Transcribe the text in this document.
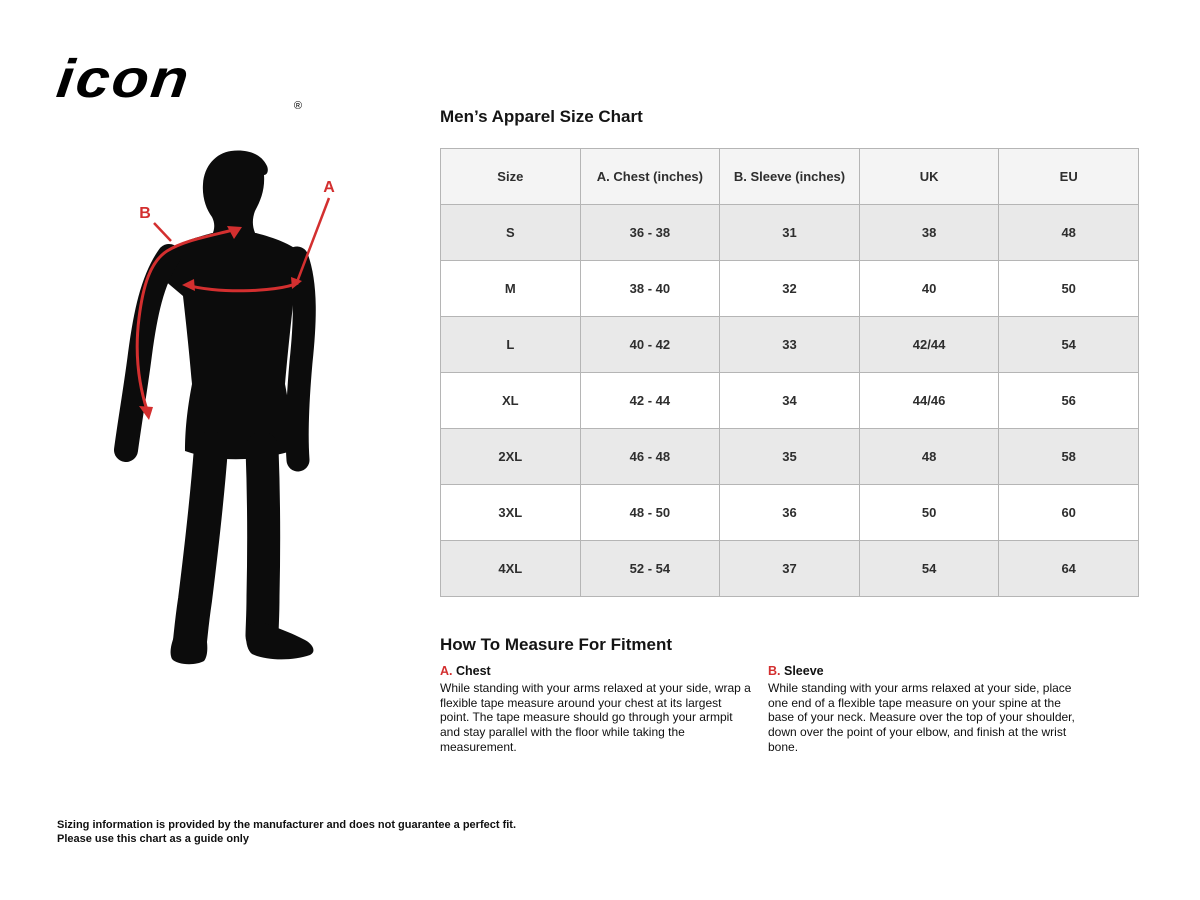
icon	®
B
A
Men’s Apparel Size Chart
Size	A. Chest (inches)	B. Sleeve (inches)	UK	EU
S	36 - 38	31	38	48
M	38 - 40	32	40	50
L	40 - 42	33	42/44	54
XL	42 - 44	34	44/46	56
2XL	46 - 48	35	48	58
3XL	48 - 50	36	50	60
4XL	52 - 54	37	54	64
How To Measure For Fitment
A. Chest
While standing with your arms relaxed at your side, wrap a flexible tape measure around your chest at its largest point. The tape measure should go through your armpit and stay parallel with the floor while taking the measurement.
B. Sleeve
While standing with your arms relaxed at your side, place one end of a flexible tape measure on your spine at the base of your neck. Measure over the top of your shoulder, down over the point of your elbow, and finish at the wrist bone.
Sizing information is provided by the manufacturer and does not guarantee a perfect fit.
Please use this chart as a guide only
